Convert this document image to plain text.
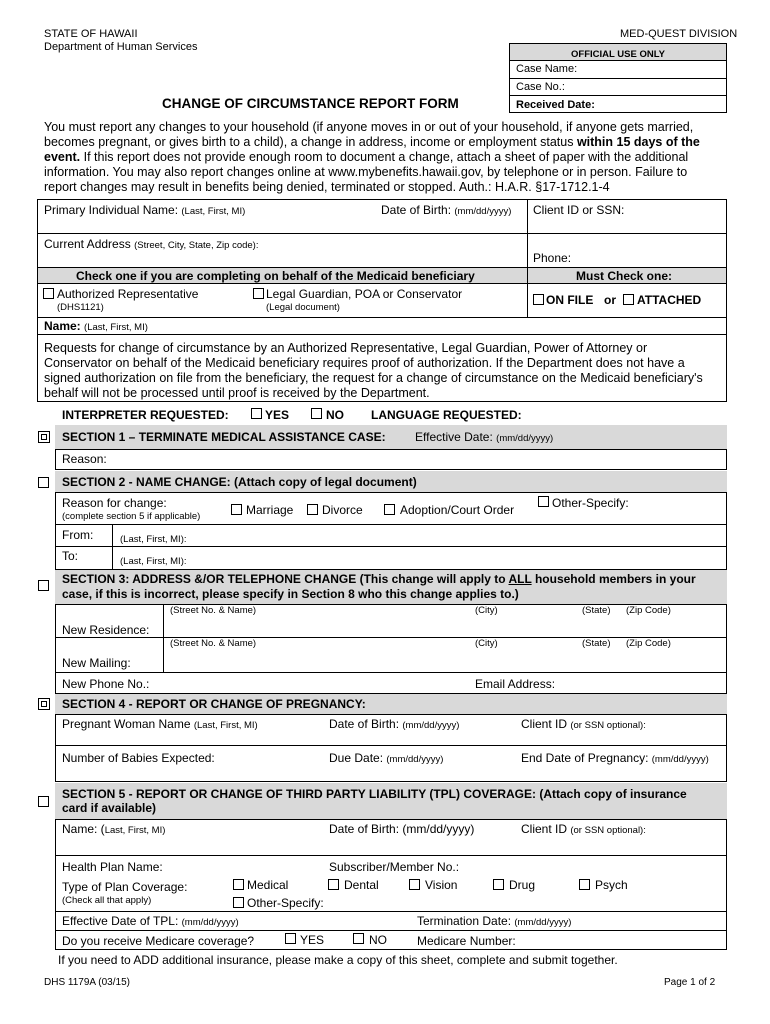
STATE OF HAWAII
Department of Human Services
MED-QUEST DIVISION
OFFICIAL USE ONLY
Case Name:
Case No.:
Received Date:
CHANGE OF CIRCUMSTANCE REPORT FORM
You must report any changes to your household (if anyone moves in or out of your household, if anyone gets married,
becomes pregnant, or gives birth to a child), a change in address, income or employment status within 15 days of the
event. If this report does not provide enough room to document a change, attach a sheet of paper with the additional
information. You may also report changes online at www.mybenefits.hawaii.gov, by telephone or in person. Failure to
report changes may result in benefits being denied, terminated or stopped. Auth.: H.A.R. §17-1712.1-4
Primary Individual Name: (Last, First, MI)	Date of Birth: (mm/dd/yyyy) Client ID or SSN:
Current Address (Street, City, State, Zip code):
Phone:
Check one if you are completing on behalf of the Medicaid beneficiary	Must Check one:
Authorized Representative
(DHS1121)
Legal Guardian, POA or Conservator
(Legal document)
ON FILE or ATTACHED
Name: (Last, First, MI)
Requests for change of circumstance by an Authorized Representative, Legal Guardian, Power of Attorney or
Conservator on behalf of the Medicaid beneficiary requires proof of authorization. If the Department does not have a
signed authorization on file from the beneficiary, the request for a change of circumstance on the Medicaid beneficiary's
behalf will not be processed until proof is received by the Department.
INTERPRETER REQUESTED:	YES	NO LANGUAGE REQUESTED:
SECTION 1 – TERMINATE MEDICAL ASSISTANCE CASE: Effective Date: (mm/dd/yyyy)
Reason:
SECTION 2 - NAME CHANGE: (Attach copy of legal document)
Reason for change:
(complete section 5 if applicable)	Marriage Divorce	Adoption/Court Order	Other-Specify:
From:	(Last, First, MI):
To:	(Last, First, MI):
SECTION 3: ADDRESS &/OR TELEPHONE CHANGE (This change will apply to ALL household members in your
case, if this is incorrect, please specify in Section 8 who this change applies to.)
(Street No. & Name)	(City)	(State) (Zip Code)
New Residence:
(Street No. & Name)	(City)	(State) (Zip Code)
New Mailing:
New Phone No.:	Email Address:
SECTION 4 - REPORT OR CHANGE OF PREGNANCY:
Pregnant Woman Name (Last, First, MI)	Date of Birth: (mm/dd/yyyy)	Client ID (or SSN optional):
Number of Babies Expected:	Due Date: (mm/dd/yyyy)	End Date of Pregnancy: (mm/dd/yyyy)
SECTION 5 - REPORT OR CHANGE OF THIRD PARTY LIABILITY (TPL) COVERAGE: (Attach copy of insurance
card if available)
Name: (Last, First, MI)	Date of Birth: (mm/dd/yyyy)	Client ID (or SSN optional):
Health Plan Name:	Subscriber/Member No.:
Type of Plan Coverage:
(Check all that apply)
Medical	Dental	Vision	Drug	Psych
Other-Specify:
Effective Date of TPL: (mm/dd/yyyy)	Termination Date: (mm/dd/yyyy)
Do you receive Medicare coverage?	YES	NO	Medicare Number:
If you need to ADD additional insurance, please make a copy of this sheet, complete and submit together.
DHS 1179A (03/15)	Page 1 of 2
